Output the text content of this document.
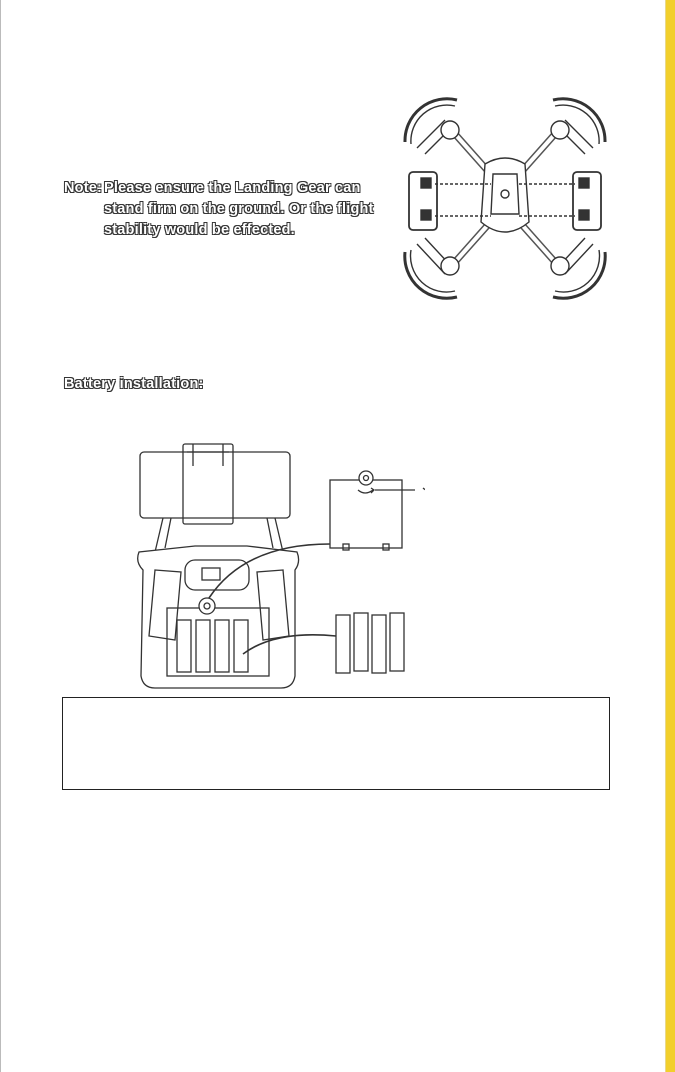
Note: Please ensure the Landing Gear can stand firm on the ground. Or the flight stability would be effected.
Battery installation:
